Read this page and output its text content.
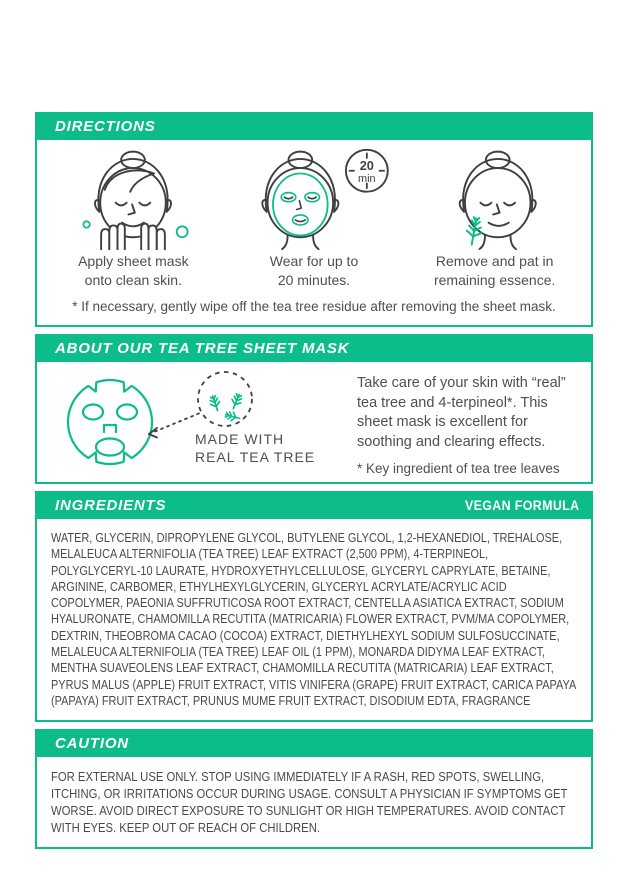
DIRECTIONS
Apply sheet mask
onto clean skin.
20
min
Wear for up to
20 minutes.
Remove and pat in
remaining essence.

* If necessary, gently wipe off the tea tree residue after removing the sheet mask.

ABOUT OUR TEA TREE SHEET MASK
MADE WITH
REAL TEA TREE

Take care of your skin with “real” tea tree and 4-terpineol*. This sheet mask is excellent for soothing and clearing effects.

* Key ingredient of tea tree leaves

INGREDIENTS	VEGAN FORMULA

WATER, GLYCERIN, DIPROPYLENE GLYCOL, BUTYLENE GLYCOL, 1,2-HEXANEDIOL, TREHALOSE, MELALEUCA ALTERNIFOLIA (TEA TREE) LEAF EXTRACT (2,500 PPM), 4-TERPINEOL, POLYGLYCERYL-10 LAURATE, HYDROXYETHYLCELLULOSE, GLYCERYL CAPRYLATE, BETAINE, ARGININE, CARBOMER, ETHYLHEXYLGLYCERIN, GLYCERYL ACRYLATE/ACRYLIC ACID COPOLYMER, PAEONIA SUFFRUTICOSA ROOT EXTRACT, CENTELLA ASIATICA EXTRACT, SODIUM HYALURONATE, CHAMOMILLA RECUTITA (MATRICARIA) FLOWER EXTRACT, PVM/MA COPOLYMER, DEXTRIN, THEOBROMA CACAO (COCOA) EXTRACT, DIETHYLHEXYL SODIUM SULFOSUCCINATE, MELALEUCA ALTERNIFOLIA (TEA TREE) LEAF OIL (1 PPM), MONARDA DIDYMA LEAF EXTRACT, MENTHA SUAVEOLENS LEAF EXTRACT, CHAMOMILLA RECUTITA (MATRICARIA) LEAF EXTRACT, PYRUS MALUS (APPLE) FRUIT EXTRACT, VITIS VINIFERA (GRAPE) FRUIT EXTRACT, CARICA PAPAYA (PAPAYA) FRUIT EXTRACT, PRUNUS MUME FRUIT EXTRACT, DISODIUM EDTA, FRAGRANCE

CAUTION

FOR EXTERNAL USE ONLY. STOP USING IMMEDIATELY IF A RASH, RED SPOTS, SWELLING, ITCHING, OR IRRITATIONS OCCUR DURING USAGE. CONSULT A PHYSICIAN IF SYMPTOMS GET WORSE. AVOID DIRECT EXPOSURE TO SUNLIGHT OR HIGH TEMPERATURES. AVOID CONTACT WITH EYES. KEEP OUT OF REACH OF CHILDREN.
